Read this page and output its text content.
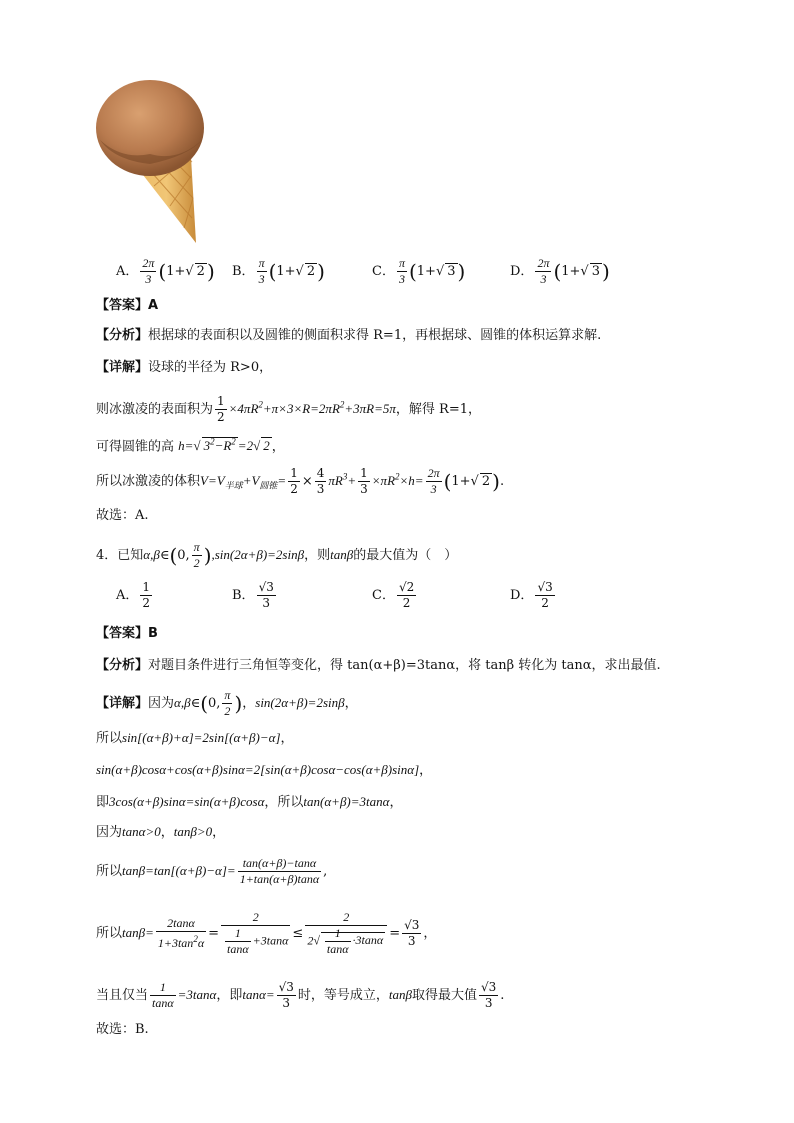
A． $\frac{2\pi}{3} (1+√$ 2 ) B． $\frac{\pi}{3} (1+√$ 2 )	C． $\frac{\pi}{3} (1+√$ 3 )	D． $\frac{2\pi}{3} (1+√$ 3 )
【答案】A
【分析】根据球的表面积以及圆锥的侧面积求得 R=1，再根据球、圆锥的体积运算求解.
【详解】设球的半径为 R>0，
则冰激凌的表面积为 $\frac{1}{2} \times 4\pi R^2+\pi\times 3\times R=2\pi R^2+3\pi R=5\pi$，解得 R=1，
可得圆锥的高 h=√ $3^2-R^2 =2√$ 2 ，
所以冰激凌的体积$V=V_{半球}+V_{圆锥}= \frac{1}{2} \times \frac{4}{3} \pi R^3+ \frac{1}{3} \times\pi R^2\times h= \frac{2\pi}{3} (1+√$ 2 ).
故选：A.
4．已知α,β∈(0, $\frac{\pi}{2} ),\sin(2\alpha+\beta)=2\sin\beta$，则tanβ的最大值为（　）
A． $\frac{1}{2}$	B． $\frac{√3}{3}$	C． $\frac{√2}{2}$	D． $\frac{√3}{2}$
【答案】B
【分析】对题目条件进行三角恒等变化，得 tan(α+β)=3tanα，将 tanβ 转化为 tanα，求出最值.
【详解】因为α,β∈(0, $\frac{\pi}{2}$ )，sin(2α+β)=2sinβ，
所以sin[(α+β)+α]=2sin[(α+β)−α]，
sin(α+β)cosα+cos(α+β)sinα=2[sin(α+β)cosα−cos(α+β)sinα]，
即3cos(α+β)sinα=sin(α+β)cosα，所以tan(α+β)=3tanα，
因为tanα>0，tanβ>0，
所以$\tan\beta=\tan[(\alpha+\beta)-\alpha]= \frac{\tan(\alpha+\beta)-\tan\alpha}{1+\tan(\alpha+\beta)\tan\alpha}$ ,
所以$\tan\beta= \frac{2\tan\alpha}{1+3\tan^2\alpha} = \frac{2}{\frac{1}{\tan\alpha} +3\tan\alpha} \le \frac{2}{2√ \frac{1}{\tan\alpha} \cdot 3\tan\alpha} = \frac{√3}{3}$ ，
当且仅当 $\frac{1}{\tan\alpha} =3\tan\alpha$，即$\tan\alpha= \frac{√3}{3}$ 时，等号成立，tanβ取得最大值 $\frac{√3}{3}$ .
故选：B.
